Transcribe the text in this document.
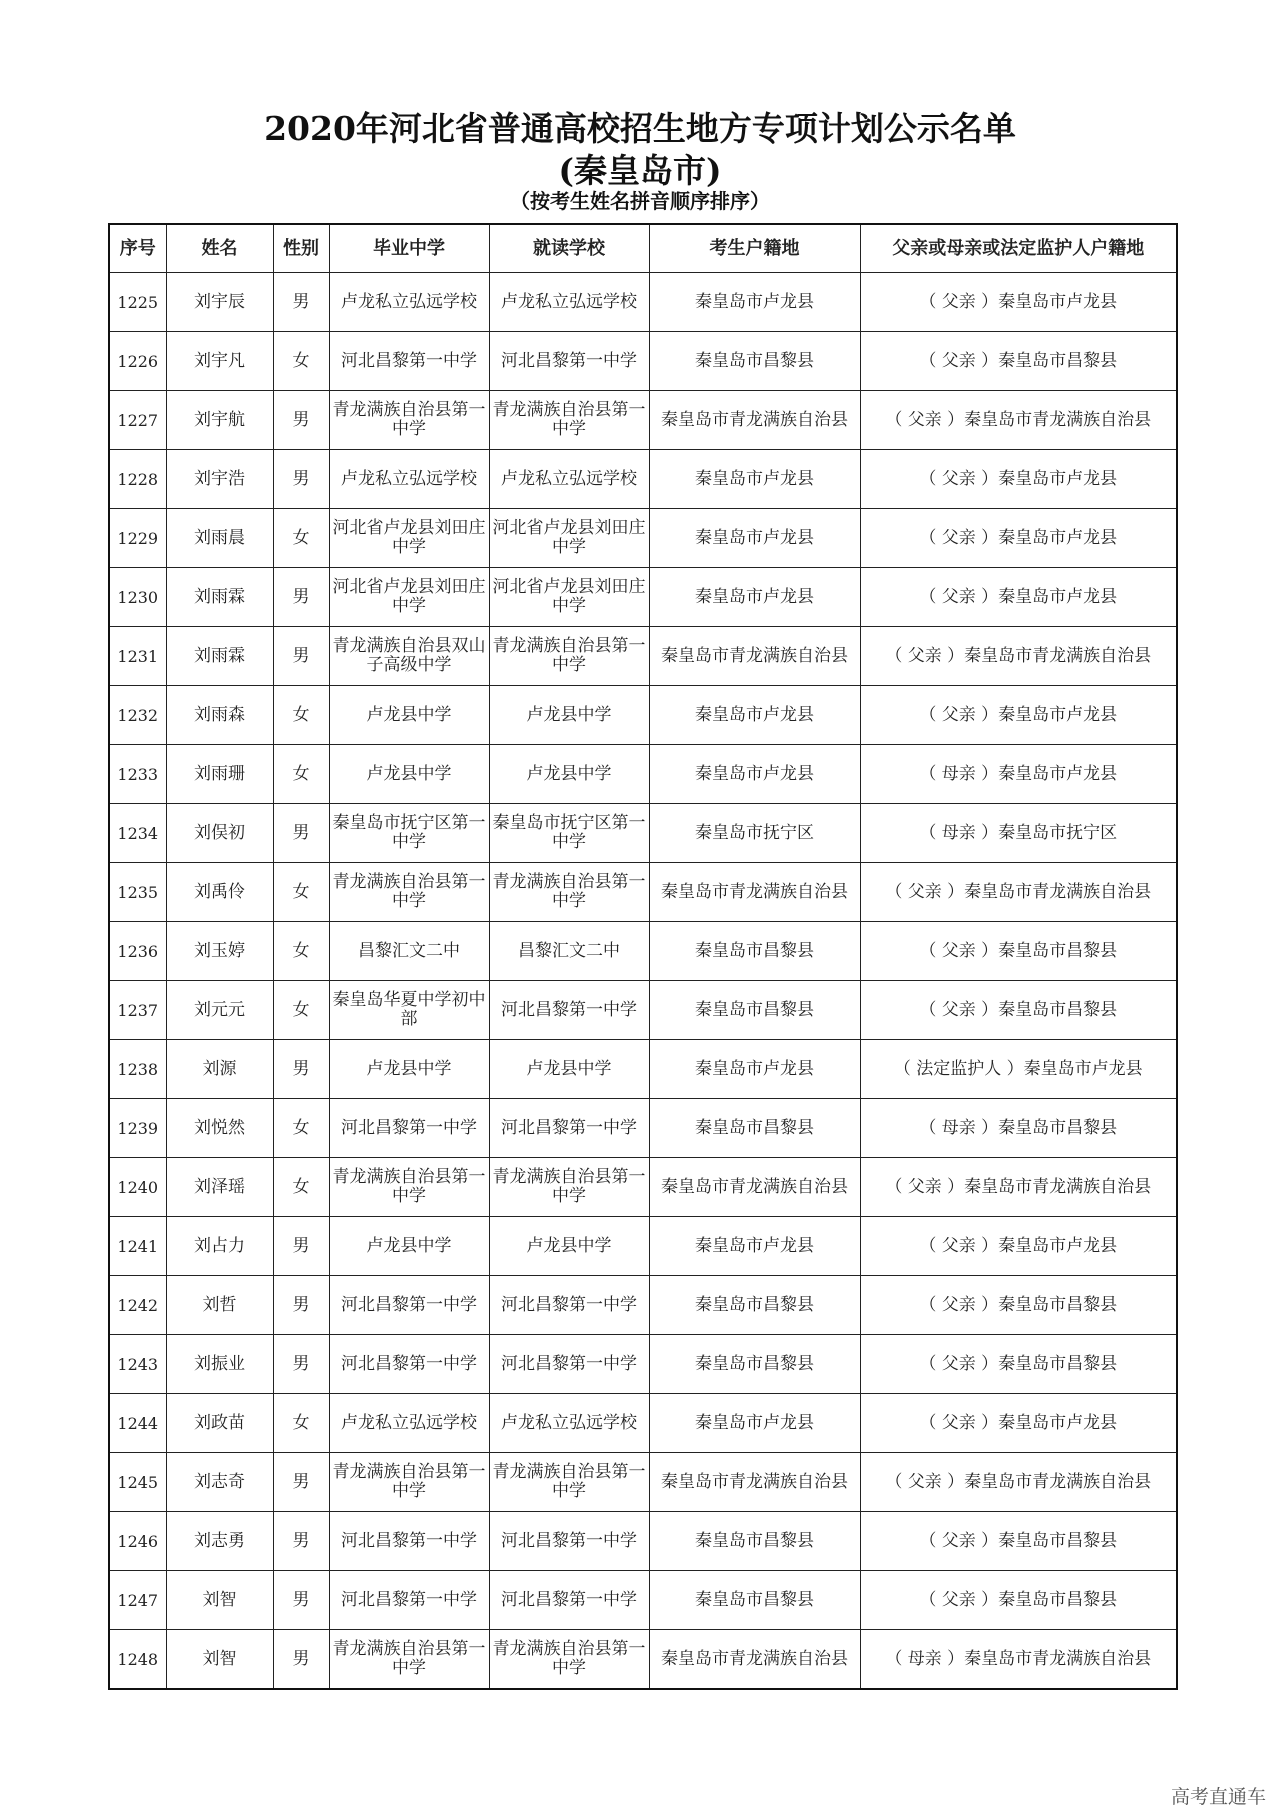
2020年河北省普通高校招生地方专项计划公示名单
(秦皇岛市)
（按考生姓名拼音顺序排序）
序号	姓名	性别	毕业中学	就读学校	考生户籍地	父亲或母亲或法定监护人户籍地
1225	刘宇辰	男	卢龙私立弘远学校	卢龙私立弘远学校	秦皇岛市卢龙县	（ 父亲 ）秦皇岛市卢龙县
1226	刘宇凡	女	河北昌黎第一中学	河北昌黎第一中学	秦皇岛市昌黎县	（ 父亲 ）秦皇岛市昌黎县
1227	刘宇航	男	青龙满族自治县第一中学	青龙满族自治县第一中学	秦皇岛市青龙满族自治县	（ 父亲 ）秦皇岛市青龙满族自治县
1228	刘宇浩	男	卢龙私立弘远学校	卢龙私立弘远学校	秦皇岛市卢龙县	（ 父亲 ）秦皇岛市卢龙县
1229	刘雨晨	女	河北省卢龙县刘田庄中学	河北省卢龙县刘田庄中学	秦皇岛市卢龙县	（ 父亲 ）秦皇岛市卢龙县
1230	刘雨霖	男	河北省卢龙县刘田庄中学	河北省卢龙县刘田庄中学	秦皇岛市卢龙县	（ 父亲 ）秦皇岛市卢龙县
1231	刘雨霖	男	青龙满族自治县双山子高级中学	青龙满族自治县第一中学	秦皇岛市青龙满族自治县	（ 父亲 ）秦皇岛市青龙满族自治县
1232	刘雨森	女	卢龙县中学	卢龙县中学	秦皇岛市卢龙县	（ 父亲 ）秦皇岛市卢龙县
1233	刘雨珊	女	卢龙县中学	卢龙县中学	秦皇岛市卢龙县	（ 母亲 ）秦皇岛市卢龙县
1234	刘俣初	男	秦皇岛市抚宁区第一中学	秦皇岛市抚宁区第一中学	秦皇岛市抚宁区	（ 母亲 ）秦皇岛市抚宁区
1235	刘禹伶	女	青龙满族自治县第一中学	青龙满族自治县第一中学	秦皇岛市青龙满族自治县	（ 父亲 ）秦皇岛市青龙满族自治县
1236	刘玉婷	女	昌黎汇文二中	昌黎汇文二中	秦皇岛市昌黎县	（ 父亲 ）秦皇岛市昌黎县
1237	刘元元	女	秦皇岛华夏中学初中部	河北昌黎第一中学	秦皇岛市昌黎县	（ 父亲 ）秦皇岛市昌黎县
1238	刘源	男	卢龙县中学	卢龙县中学	秦皇岛市卢龙县	（ 法定监护人 ）秦皇岛市卢龙县
1239	刘悦然	女	河北昌黎第一中学	河北昌黎第一中学	秦皇岛市昌黎县	（ 母亲 ）秦皇岛市昌黎县
1240	刘泽瑶	女	青龙满族自治县第一中学	青龙满族自治县第一中学	秦皇岛市青龙满族自治县	（ 父亲 ）秦皇岛市青龙满族自治县
1241	刘占力	男	卢龙县中学	卢龙县中学	秦皇岛市卢龙县	（ 父亲 ）秦皇岛市卢龙县
1242	刘哲	男	河北昌黎第一中学	河北昌黎第一中学	秦皇岛市昌黎县	（ 父亲 ）秦皇岛市昌黎县
1243	刘振业	男	河北昌黎第一中学	河北昌黎第一中学	秦皇岛市昌黎县	（ 父亲 ）秦皇岛市昌黎县
1244	刘政苗	女	卢龙私立弘远学校	卢龙私立弘远学校	秦皇岛市卢龙县	（ 父亲 ）秦皇岛市卢龙县
1245	刘志奇	男	青龙满族自治县第一中学	青龙满族自治县第一中学	秦皇岛市青龙满族自治县	（ 父亲 ）秦皇岛市青龙满族自治县
1246	刘志勇	男	河北昌黎第一中学	河北昌黎第一中学	秦皇岛市昌黎县	（ 父亲 ）秦皇岛市昌黎县
1247	刘智	男	河北昌黎第一中学	河北昌黎第一中学	秦皇岛市昌黎县	（ 父亲 ）秦皇岛市昌黎县
1248	刘智	男	青龙满族自治县第一中学	青龙满族自治县第一中学	秦皇岛市青龙满族自治县	（ 母亲 ）秦皇岛市青龙满族自治县
高考直通车
